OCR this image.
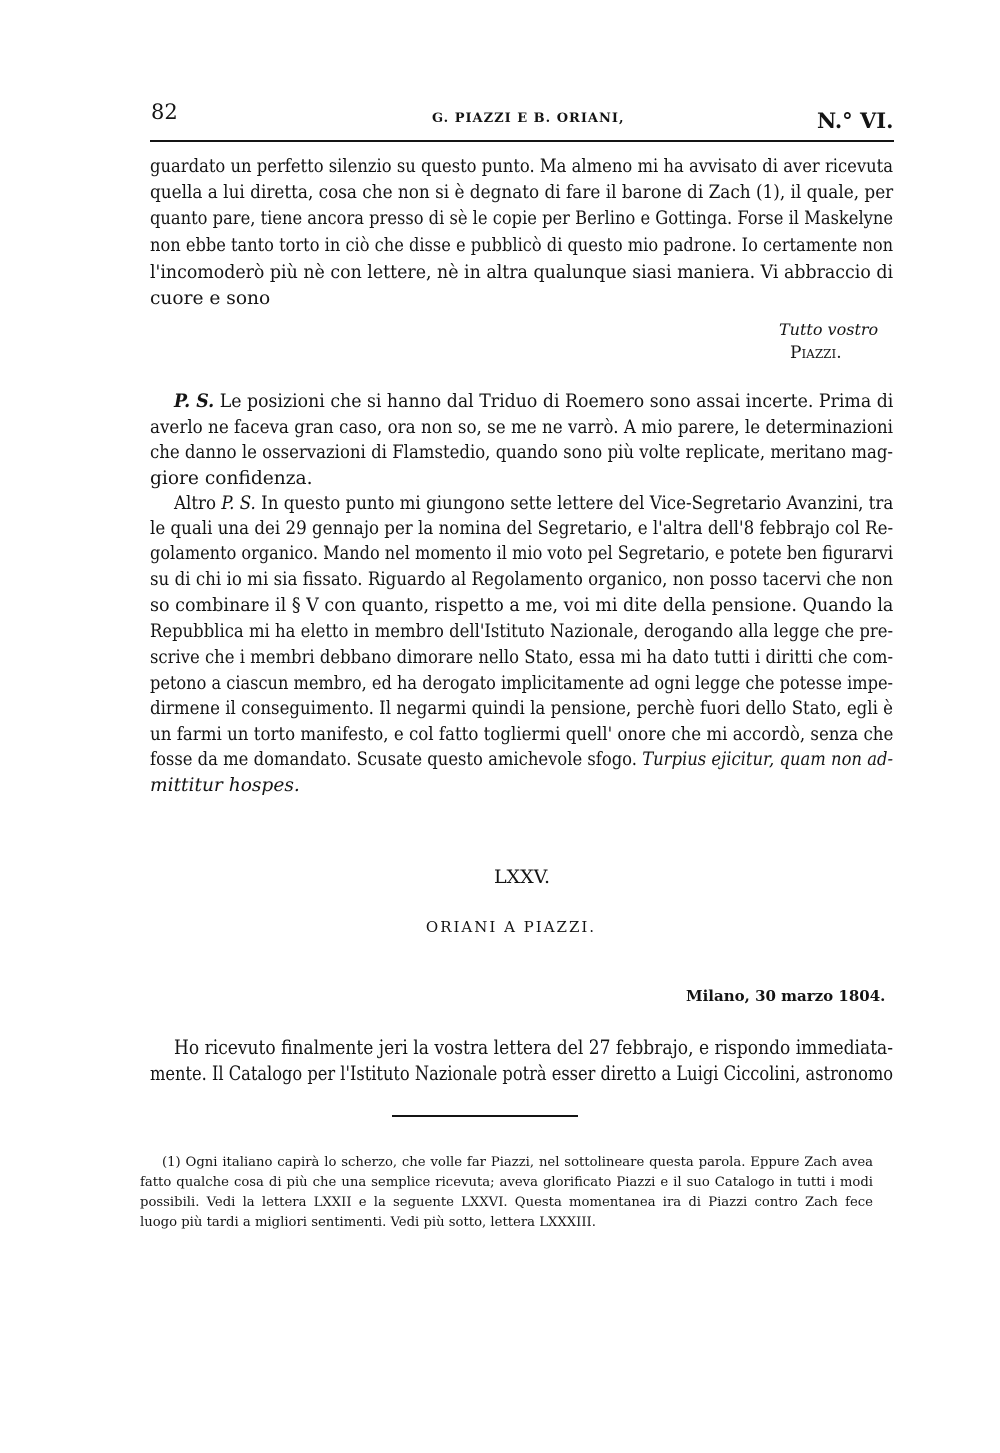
82	G. PIAZZI E B. ORIANI,	N.° VI.
guardato un perfetto silenzio su questo punto. Ma almeno mi ha avvisato di aver ricevuta
quella a lui diretta, cosa che non si è degnato di fare il barone di Zach (1), il quale, per
quanto pare, tiene ancora presso di sè le copie per Berlino e Gottinga. Forse il Maskelyne
non ebbe tanto torto in ciò che disse e pubblicò di questo mio padrone. Io certamente non
l'incomoderò più nè con lettere, nè in altra qualunque siasi maniera. Vi abbraccio di
cuore e sono
Tutto vostro
Piazzi.
P. S. Le posizioni che si hanno dal Triduo di Roemero sono assai incerte. Prima di
averlo ne faceva gran caso, ora non so, se me ne varrò. A mio parere, le determinazioni
che danno le osservazioni di Flamstedio, quando sono più volte replicate, meritano mag-
giore confidenza.
Altro P. S. In questo punto mi giungono sette lettere del Vice-Segretario Avanzini, tra
le quali una dei 29 gennajo per la nomina del Segretario, e l'altra dell'8 febbrajo col Re-
golamento organico. Mando nel momento il mio voto pel Segretario, e potete ben figurarvi
su di chi io mi sia fissato. Riguardo al Regolamento organico, non posso tacervi che non
so combinare il § V con quanto, rispetto a me, voi mi dite della pensione. Quando la
Repubblica mi ha eletto in membro dell'Istituto Nazionale, derogando alla legge che pre-
scrive che i membri debbano dimorare nello Stato, essa mi ha dato tutti i diritti che com-
petono a ciascun membro, ed ha derogato implicitamente ad ogni legge che potesse impe-
dirmene il conseguimento. Il negarmi quindi la pensione, perchè fuori dello Stato, egli è
un farmi un torto manifesto, e col fatto togliermi quell' onore che mi accordò, senza che
fosse da me domandato. Scusate questo amichevole sfogo. Turpius ejicitur, quam non ad-
mittitur hospes.
LXXV.
ORIANI A PIAZZI.
Milano, 30 marzo 1804.
Ho ricevuto finalmente jeri la vostra lettera del 27 febbrajo, e rispondo immediata-
mente. Il Catalogo per l'Istituto Nazionale potrà esser diretto a Luigi Ciccolini, astronomo
(1) Ogni italiano capirà lo scherzo, che volle far Piazzi, nel sottolineare questa parola. Eppure Zach avea
fatto qualche cosa di più che una semplice ricevuta; aveva glorificato Piazzi e il suo Catalogo in tutti i modi
possibili. Vedi la lettera LXXII e la seguente LXXVI. Questa momentanea ira di Piazzi contro Zach fece
luogo più tardi a migliori sentimenti. Vedi più sotto, lettera LXXXIII.
